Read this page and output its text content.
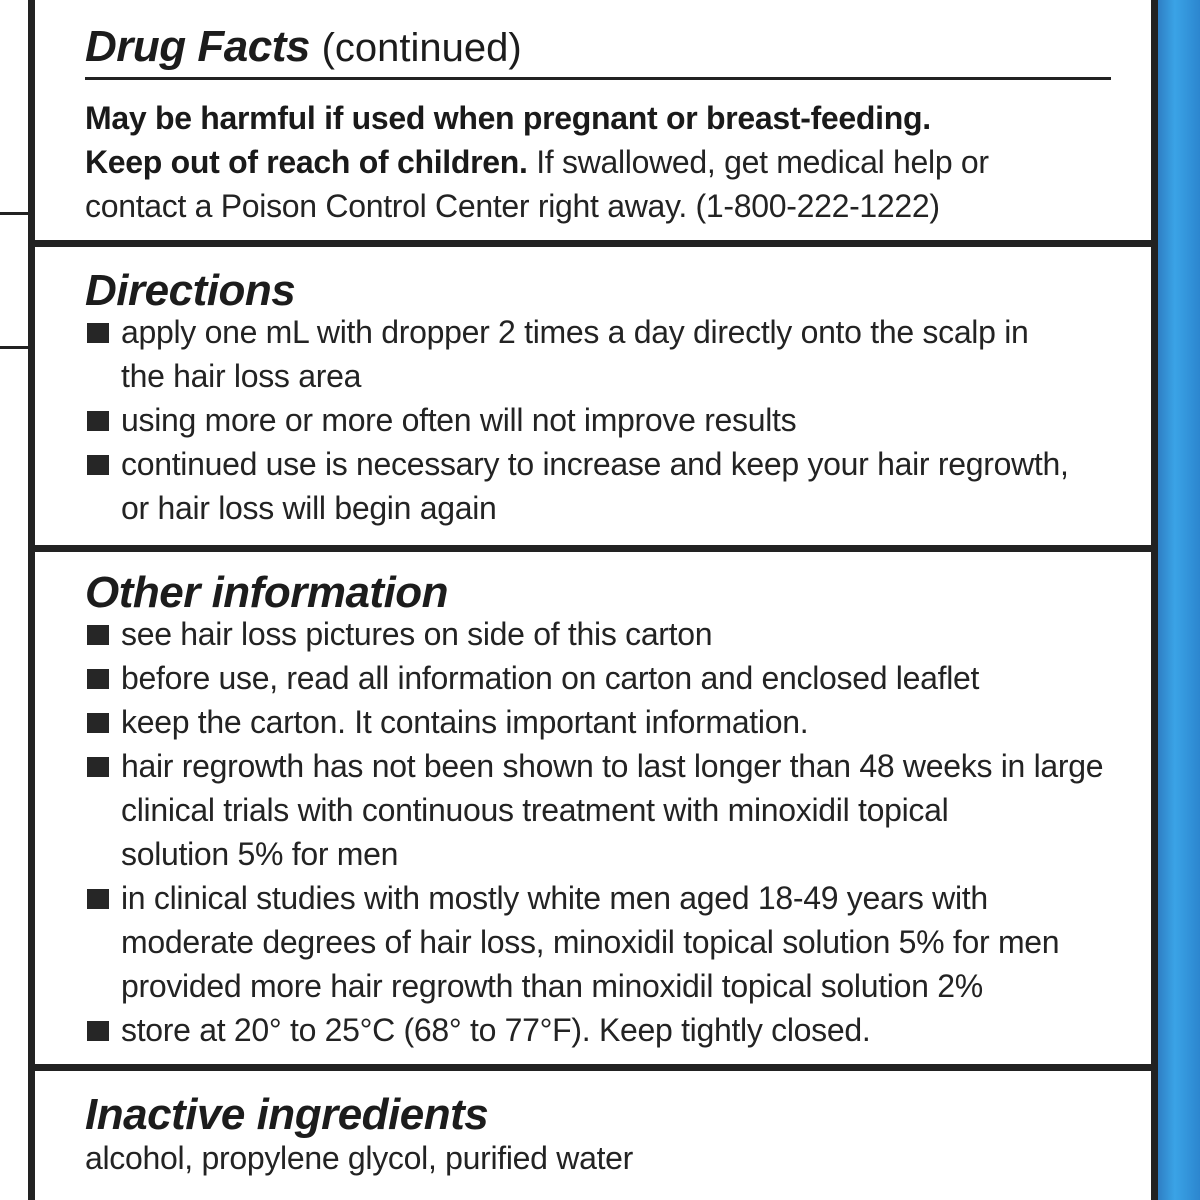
Drug Facts (continued)
May be harmful if used when pregnant or breast-feeding.
Keep out of reach of children. If swallowed, get medical help or
contact a Poison Control Center right away. (1-800-222-1222)
Directions
apply one mL with dropper 2 times a day directly onto the scalp in
the hair loss area
using more or more often will not improve results
continued use is necessary to increase and keep your hair regrowth,
or hair loss will begin again
Other information
see hair loss pictures on side of this carton
before use, read all information on carton and enclosed leaflet
keep the carton. It contains important information.
hair regrowth has not been shown to last longer than 48 weeks in large
clinical trials with continuous treatment with minoxidil topical
solution 5% for men
in clinical studies with mostly white men aged 18-49 years with
moderate degrees of hair loss, minoxidil topical solution 5% for men
provided more hair regrowth than minoxidil topical solution 2%
store at 20° to 25°C (68° to 77°F). Keep tightly closed.
Inactive ingredients
alcohol, propylene glycol, purified water
